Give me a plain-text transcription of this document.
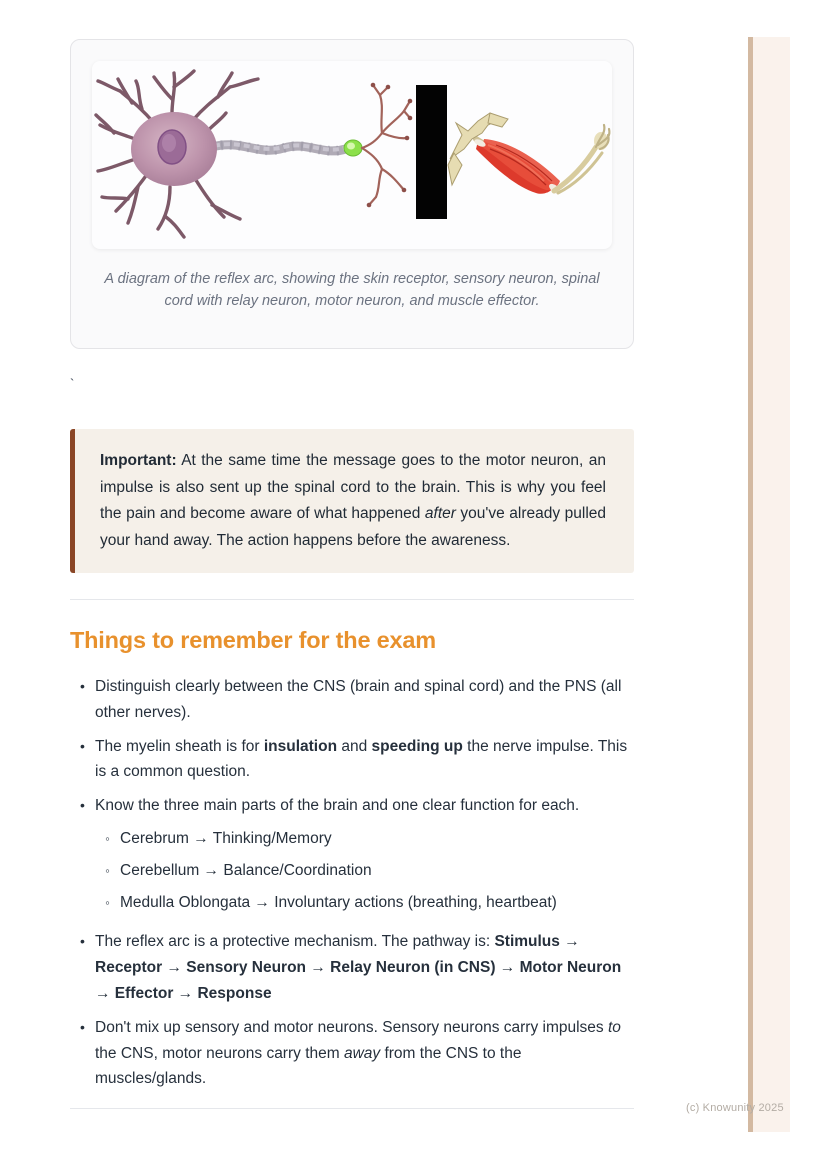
A diagram of the reflex arc, showing the skin receptor, sensory neuron, spinal cord with relay neuron, motor neuron, and muscle effector.
`

Important: At the same time the message goes to the motor neuron, an impulse is also sent up the spinal cord to the brain. This is why you feel the pain and become aware of what happened after you've already pulled your hand away. The action happens before the awareness.

Things to remember for the exam
• Distinguish clearly between the CNS (brain and spinal cord) and the PNS (all other nerves).
• The myelin sheath is for insulation and speeding up the nerve impulse. This is a common question.
• Know the three main parts of the brain and one clear function for each.
◦ Cerebrum → Thinking/Memory
◦ Cerebellum → Balance/Coordination
◦ Medulla Oblongata → Involuntary actions (breathing, heartbeat)
• The reflex arc is a protective mechanism. The pathway is: Stimulus → Receptor → Sensory Neuron → Relay Neuron (in CNS) → Motor Neuron → Effector → Response
• Don't mix up sensory and motor neurons. Sensory neurons carry impulses to the CNS, motor neurons carry them away from the CNS to the muscles/glands.
(c) Knowunity 2025
